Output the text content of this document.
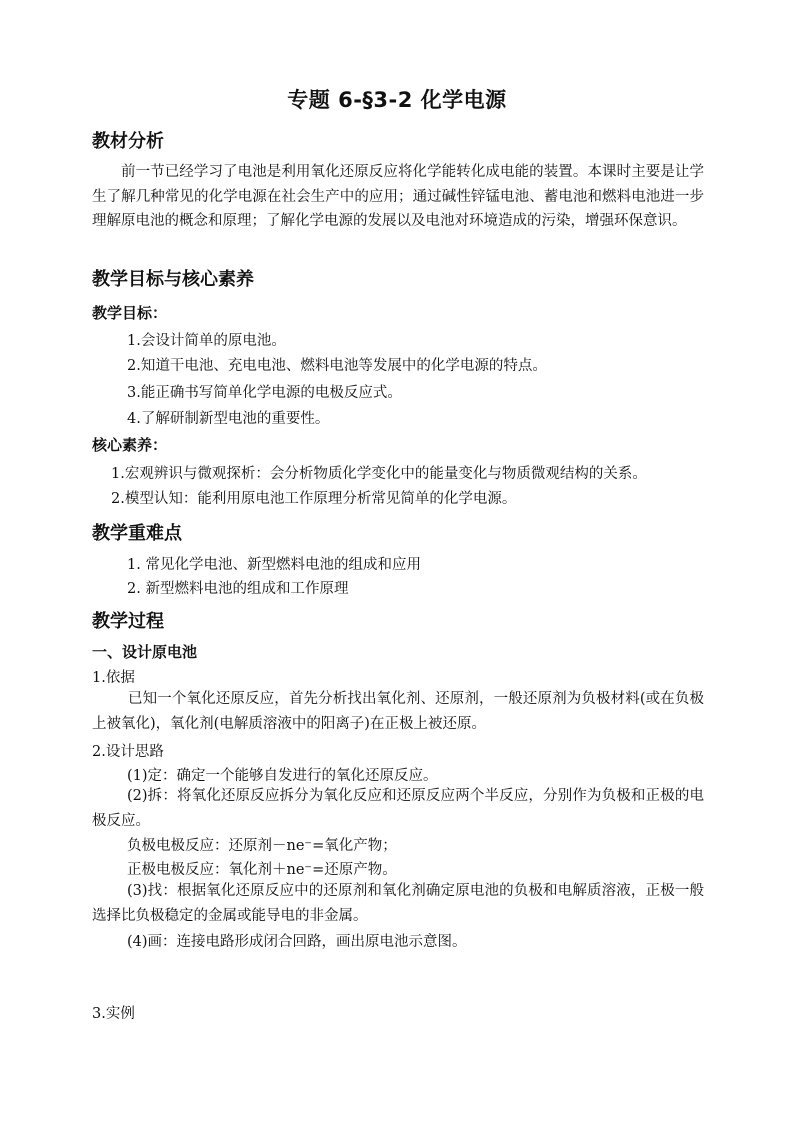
专题 6-§3-2 化学电源
教材分析

前一节已经学习了电池是利用氧化还原反应将化学能转化成电能的装置。本课时主要是让学生了解几种常见的化学电源在社会生产中的应用；通过碱性锌锰电池、蓄电池和燃料电池进一步理解原电池的概念和原理；了解化学电源的发展以及电池对环境造成的污染，增强环保意识。

教学目标与核心素养
教学目标：
1.会设计简单的原电池。
2.知道干电池、充电电池、燃料电池等发展中的化学电源的特点。
3.能正确书写简单化学电源的电极反应式。
4.了解研制新型电池的重要性。
核心素养：
1.宏观辨识与微观探析：会分析物质化学变化中的能量变化与物质微观结构的关系。
2.模型认知：能利用原电池工作原理分析常见简单的化学电源。
教学重难点
1. 常见化学电池、新型燃料电池的组成和应用
2. 新型燃料电池的组成和工作原理
教学过程
一、设计原电池

1.依据

已知一个氧化还原反应，首先分析找出氧化剂、还原剂，一般还原剂为负极材料(或在负极上被氧化)，氧化剂(电解质溶液中的阳离子)在正极上被还原。

2.设计思路

(1)定：确定一个能够自发进行的氧化还原反应。

(2)拆：将氧化还原反应拆分为氧化反应和还原反应两个半反应，分别作为负极和正极的电极反应。

负极电极反应：还原剂－ne⁻=氧化产物；

正极电极反应：氧化剂＋ne⁻=还原产物。

(3)找：根据氧化还原反应中的还原剂和氧化剂确定原电池的负极和电解质溶液，正极一般选择比负极稳定的金属或能导电的非金属。

(4)画：连接电路形成闭合回路，画出原电池示意图。

3.实例
